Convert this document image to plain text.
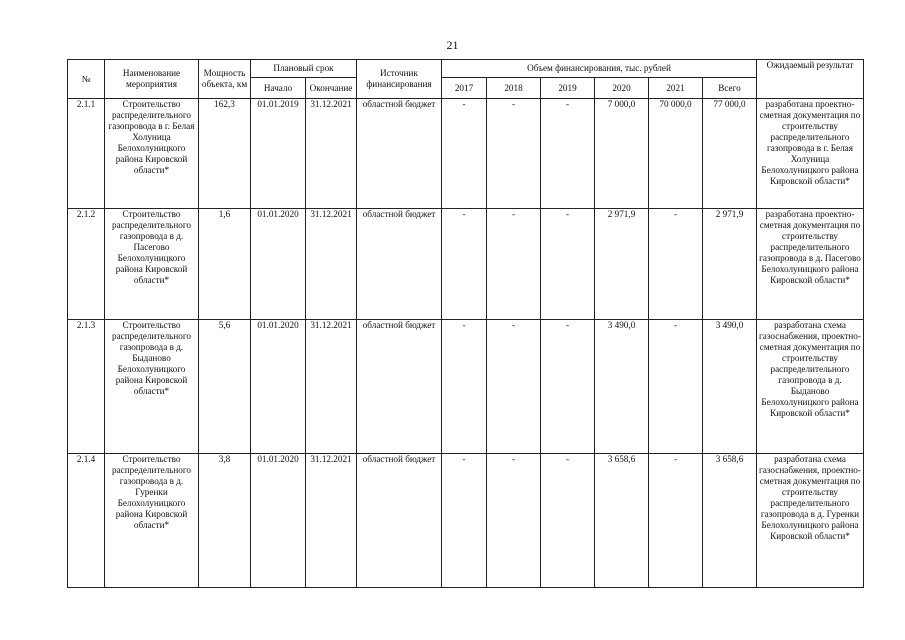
21
№	Наименование мероприятия	Мощность объекта, км	Плановый срок		Источник финансирования	Объем финансирования, тыс. рублей						Ожидаемый результат
			Начало	Окончание		2017	2018	2019	2020	2021	Всего	
2.1.1	Строительство распределительного газопровода в г. Белая Холуница Белохолуницкого района Кировской области*	162,3	01.01.2019	31.12.2021	областной бюджет	-	-	-	7 000,0	70 000,0	77 000,0	разработана проектно-сметная документация по строительству распределительного газопровода в г. Белая Холуница Белохолуницкого района Кировской области*
2.1.2	Строительство распределительного газопровода в д. Пасегово Белохолуницкого района Кировской области*	1,6	01.01.2020	31.12.2021	областной бюджет	-	-	-	2 971,9	-	2 971,9	разработана проектно-сметная документация по строительству распределительного газопровода в д. Пасегово Белохолуницкого района Кировской области*
2.1.3	Строительство распределительного газопровода в д. Быданово Белохолуницкого района Кировской области*	5,6	01.01.2020	31.12.2021	областной бюджет	-	-	-	3 490,0	-	3 490,0	разработана схема газоснабжения, проектно-сметная документация по строительству распределительного газопровода в д. Быданово Белохолуницкого района Кировской области*
2.1.4	Строительство распределительного газопровода в д. Гуренки Белохолуницкого района Кировской области*	3,8	01.01.2020	31.12.2021	областной бюджет	-	-	-	3 658,6	-	3 658,6	разработана схема газоснабжения, проектно-сметная документация по строительству распределительного газопровода в д. Гуренки Белохолуницкого района Кировской области*
